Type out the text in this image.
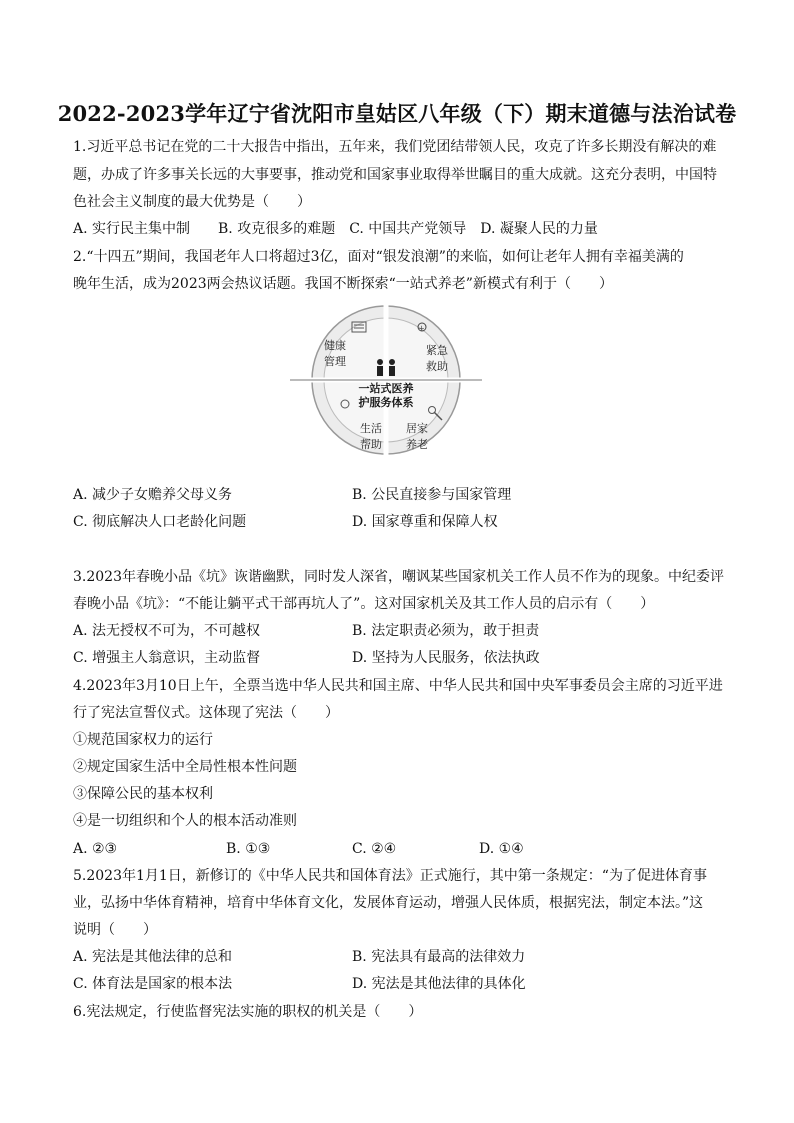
2022-2023学年辽宁省沈阳市皇姑区八年级（下）期末道德与法治试卷
1.习近平总书记在党的二十大报告中指出，五年来，我们党团结带领人民，攻克了许多长期没有解决的难
题，办成了许多事关长远的大事要事，推动党和国家事业取得举世瞩目的重大成就。这充分表明，中国特
色社会主义制度的最大优势是（　　）
A. 实行民主集中制　　B. 攻克很多的难题　C. 中国共产党领导　D. 凝聚人民的力量
2.“十四五”期间，我国老年人口将超过3亿，面对“银发浪潮”的来临，如何让老年人拥有幸福美满的
晚年生活，成为2023两会热议话题。我国不断探索“一站式养老”新模式有利于（　　）
+
健康
管理
紧急
救助
生活
帮助
居家
养老
一站式医养
护服务体系
A. 减少子女赡养父母义务	B. 公民直接参与国家管理
C. 彻底解决人口老龄化问题	D. 国家尊重和保障人权
3.2023年春晚小品《坑》诙谐幽默，同时发人深省，嘲讽某些国家机关工作人员不作为的现象。中纪委评
春晚小品《坑》：“不能让躺平式干部再坑人了”。这对国家机关及其工作人员的启示有（　　）
A. 法无授权不可为，不可越权	B. 法定职责必须为，敢于担责
C. 增强主人翁意识，主动监督	D. 坚持为人民服务，依法执政
4.2023年3月10日上午，全票当选中华人民共和国主席、中华人民共和国中央军事委员会主席的习近平进
行了宪法宣誓仪式。这体现了宪法（　　）
①规范国家权力的运行
②规定国家生活中全局性根本性问题
③保障公民的基本权利
④是一切组织和个人的根本活动准则
A. ②③	B. ①③	C. ②④	D. ①④
5.2023年1月1日，新修订的《中华人民共和国体育法》正式施行，其中第一条规定：“为了促进体育事
业，弘扬中华体育精神，培育中华体育文化，发展体育运动，增强人民体质，根据宪法，制定本法。”这
说明（　　）
A. 宪法是其他法律的总和	B. 宪法具有最高的法律效力
C. 体育法是国家的根本法	D. 宪法是其他法律的具体化
6.宪法规定，行使监督宪法实施的职权的机关是（　　）
